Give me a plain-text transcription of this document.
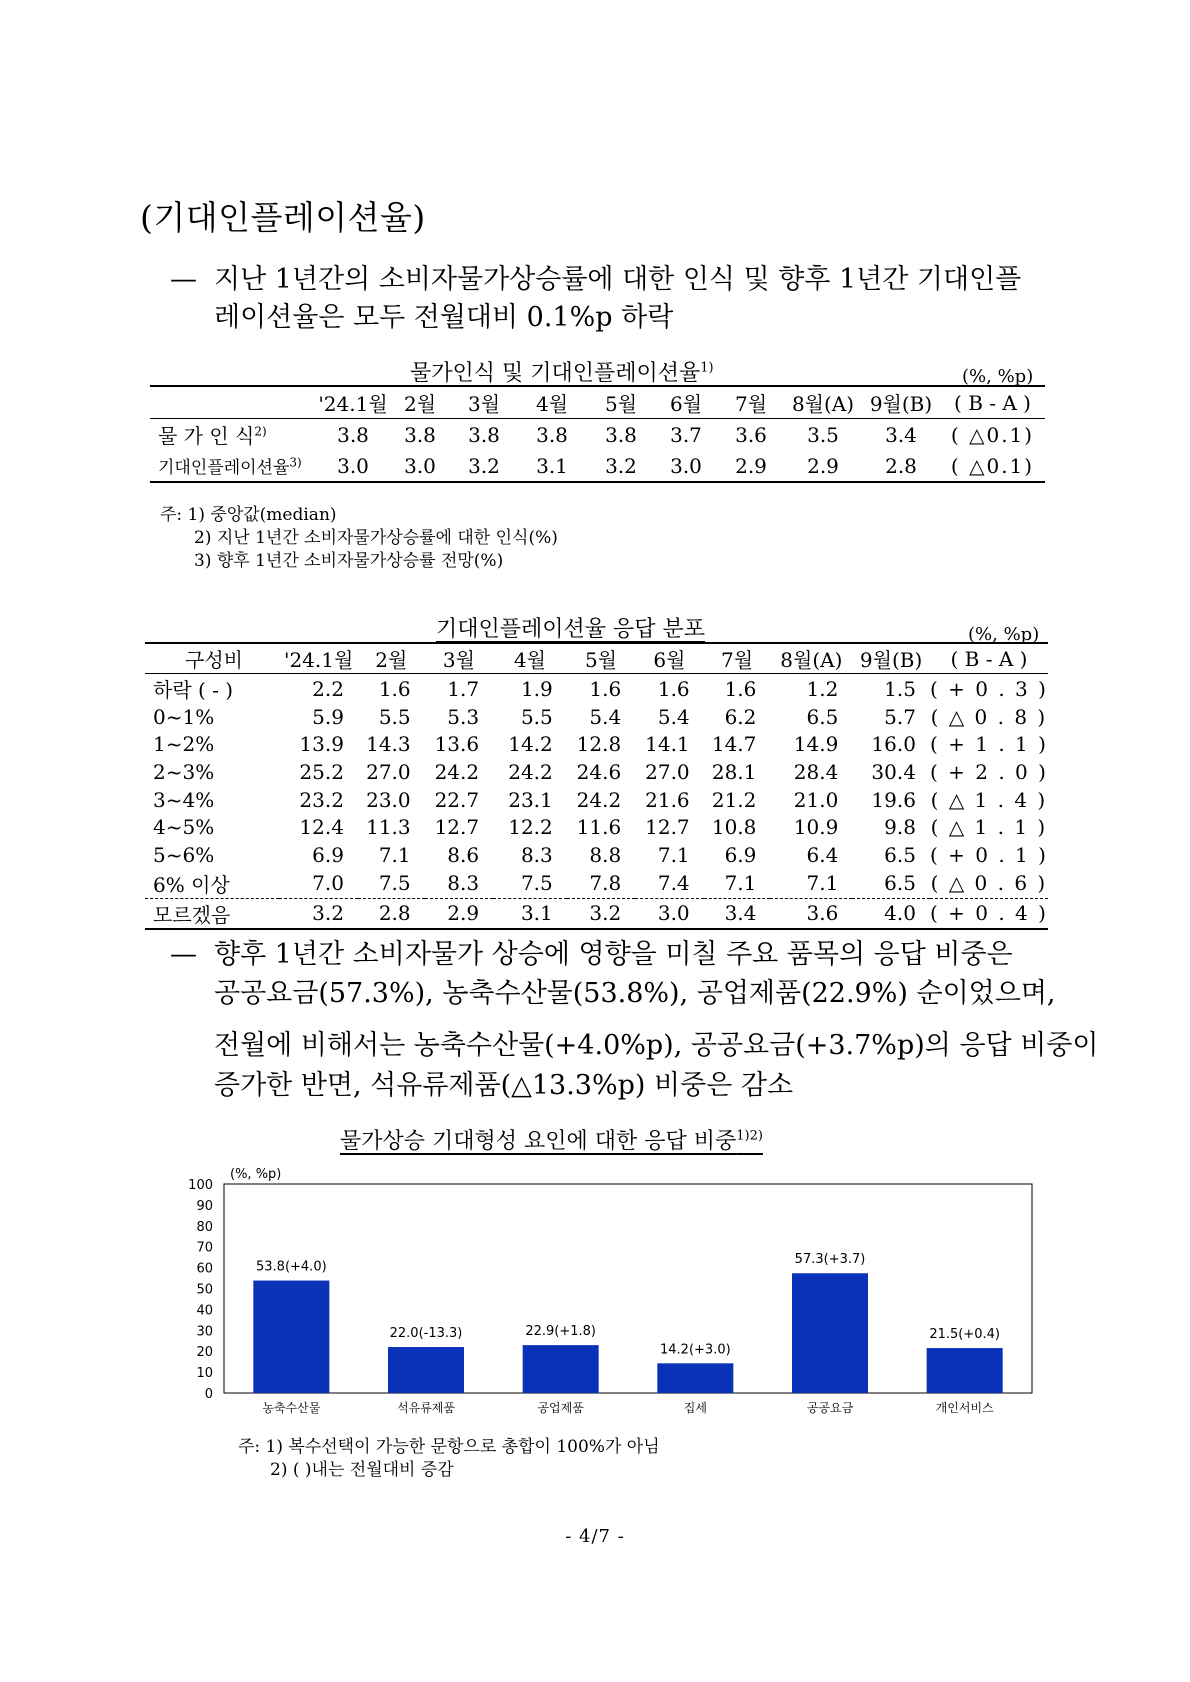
(기대인플레이션율)
— 지난 1년간의 소비자물가상승률에 대한 인식 및 향후 1년간 기대인플
레이션율은 모두 전월대비 0.1%p 하락
물가인식 및 기대인플레이션율$^{1)}$	(%, %p)
	'24.1월	2월	3월	4월	5월	6월	7월	8월(A)	9월(B)	( B - A )
물 가 인 식$^{2)}$	3.8	3.8	3.8	3.8	3.8	3.7	3.6	3.5	3.4	( △0.1)
기대인플레이션율$^{3)}$	3.0	3.0	3.2	3.1	3.2	3.0	2.9	2.9	2.8	( △0.1)
주: 1) 중앙값(median)
2) 지난 1년간 소비자물가상승률에 대한 인식(%)
3) 향후 1년간 소비자물가상승률 전망(%)
기대인플레이션율 응답 분포	(%, %p)
구성비	'24.1월	2월	3월	4월	5월	6월	7월	8월(A)	9월(B)	( B - A )
하락 ( - )	2.2	1.6	1.7	1.9	1.6	1.6	1.6	1.2	1.5	( + 0 . 3 )
0~1%	5.9	5.5	5.3	5.5	5.4	5.4	6.2	6.5	5.7	( △ 0 . 8 )
1~2%	13.9	14.3	13.6	14.2	12.8	14.1	14.7	14.9	16.0	( + 1 . 1 )
2~3%	25.2	27.0	24.2	24.2	24.6	27.0	28.1	28.4	30.4	( + 2 . 0 )
3~4%	23.2	23.0	22.7	23.1	24.2	21.6	21.2	21.0	19.6	( △ 1 . 4 )
4~5%	12.4	11.3	12.7	12.2	11.6	12.7	10.8	10.9	9.8	( △ 1 . 1 )
5~6%	6.9	7.1	8.6	8.3	8.8	7.1	6.9	6.4	6.5	( + 0 . 1 )
6% 이상	7.0	7.5	8.3	7.5	7.8	7.4	7.1	7.1	6.5	( △ 0 . 6 )
모르겠음	3.2	2.8	2.9	3.1	3.2	3.0	3.4	3.6	4.0	( + 0 . 4 )
— 향후 1년간 소비자물가 상승에 영향을 미칠 주요 품목의 응답 비중은
공공요금(57.3%), 농축수산물(53.8%), 공업제품(22.9%) 순이었으며,
전월에 비해서는 농축수산물(+4.0%p), 공공요금(+3.7%p)의 응답 비중이
증가한 반면, 석유류제품(△13.3%p) 비중은 감소
물가상승 기대형성 요인에 대한 응답 비중$^{1)2)}$
(%, %p)
0
10
20
30
40
50
60
70
80
90
100
53.8(+4.0)
농축수산물
22.0(-13.3)
석유류제품
22.9(+1.8)
공업제품
14.2(+3.0)
집세
57.3(+3.7)
공공요금
21.5(+0.4)
개인서비스
주: 1) 복수선택이 가능한 문항으로 총합이 100%가 아님
2) ( )내는 전월대비 증감
- 4/7 -
